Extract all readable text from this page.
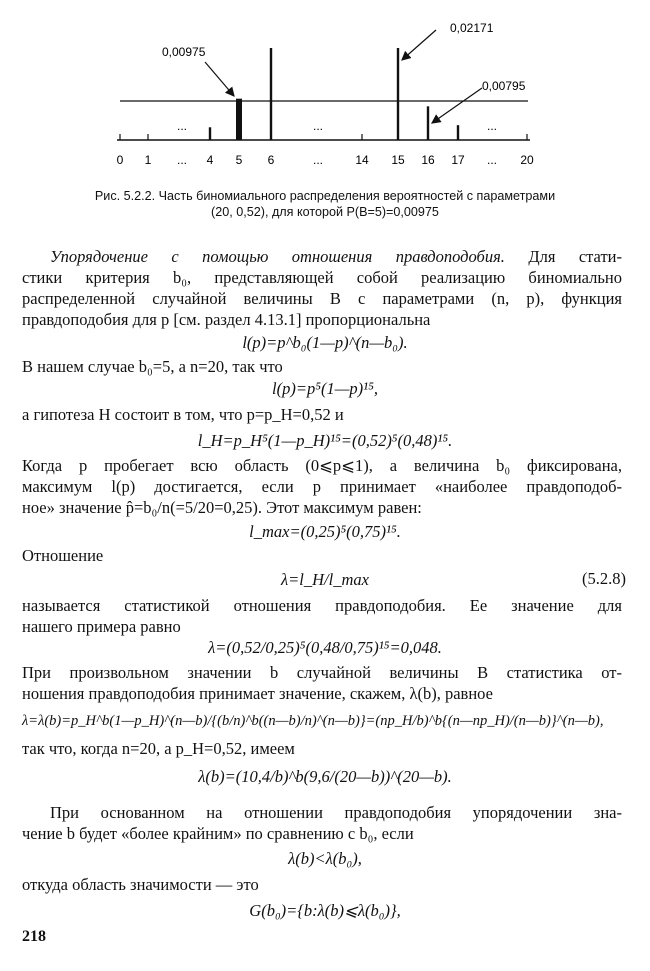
0 1 ... 4 5 6	...	14 15 16 17 ... 20
...	...	...
0,00975
0,02171
0,00795
Рис. 5.2.2. Часть биномиального распределения вероятностей с параметрами
(20, 0,52), для которой P(B=5)=0,00975
Упорядочение с помощью отношения правдоподобия. Для стати-
стики критерия b₀, представляющей собой реализацию биномиально
распределенной случайной величины B с параметрами (n, p), функция
правдоподобия для p [см. раздел 4.13.1] пропорциональна
l(p)=p^b₀(1—p)^(n—b₀).
В нашем случае b₀=5, а n=20, так что
l(p)=p⁵(1—p)¹⁵,
а гипотеза H состоит в том, что p=p_H=0,52 и
l_H=p_H⁵(1—p_H)¹⁵=(0,52)⁵(0,48)¹⁵.
Когда p пробегает всю область (0⩽p⩽1), а величина b₀ фиксирована,
максимум l(p) достигается, если p принимает «наиболее правдоподоб-
ное» значение p̂=b₀/n(=5/20=0,25). Этот максимум равен:
l_max=(0,25)⁵(0,75)¹⁵.
Отношение
λ=l_H/l_max	(5.2.8)
называется статистикой отношения правдоподобия. Ее значение для
нашего примера равно
λ=(0,52/0,25)⁵(0,48/0,75)¹⁵=0,048.
При произвольном значении b случайной величины B статистика от-
ношения правдоподобия принимает значение, скажем, λ(b), равное
λ=λ(b)=p_H^b(1—p_H)^(n—b)/{(b/n)^b((n—b)/n)^(n—b)}=(np_H/b)^b{(n—np_H)/(n—b)}^(n—b),
так что, когда n=20, а p_H=0,52, имеем
λ(b)=(10,4/b)^b(9,6/(20—b))^(20—b).
При основанном на отношении правдоподобия упорядочении зна-
чение b будет «более крайним» по сравнению с b₀, если
λ(b)<λ(b₀),
откуда область значимости — это
G(b₀)={b:λ(b)⩽λ(b₀)},
218
